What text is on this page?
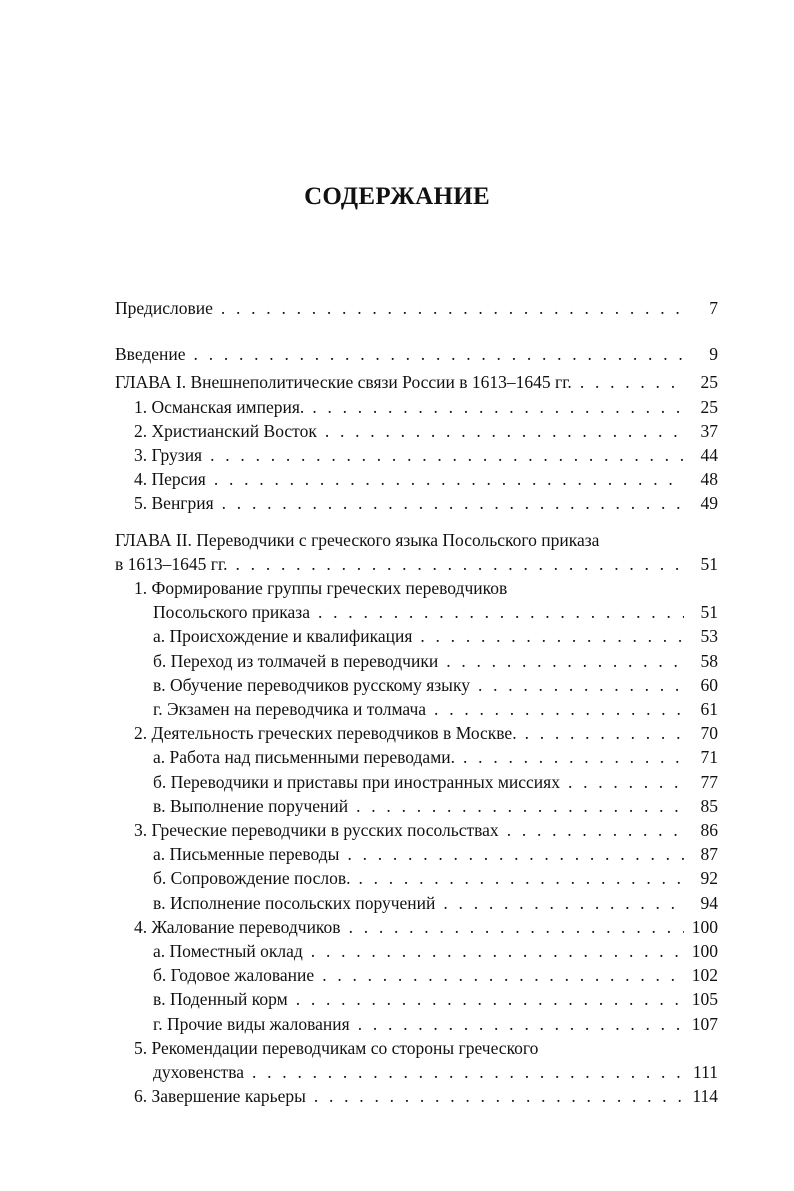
СОДЕРЖАНИЕ
Предисловие . . .	7
Введение . . .	9
ГЛАВА I. Внешнеполитические связи России в 1613–1645 гг. . . .	25
1. Османская империя. . . .	25
2. Христианский Восток . . .	37
3. Грузия . . .	44
4. Персия . . .	48
5. Венгрия . . .	49
ГЛАВА II. Переводчики с греческого языка Посольского приказа
в 1613–1645 гг. . . .	51
1. Формирование группы греческих переводчиков
Посольского приказа . . .	51
а. Происхождение и квалификация . . .	53
б. Переход из толмачей в переводчики . . .	58
в. Обучение переводчиков русскому языку . . .	60
г. Экзамен на переводчика и толмача . . .	61
2. Деятельность греческих переводчиков в Москве. . . .	70
а. Работа над письменными переводами. . . .	71
б. Переводчики и приставы при иностранных миссиях . . .	77
в. Выполнение поручений . . .	85
3. Греческие переводчики в русских посольствах . . .	86
а. Письменные переводы . . .	87
б. Сопровождение послов. . . .	92
в. Исполнение посольских поручений . . .	94
4. Жалование переводчиков . . .	100
а. Поместный оклад . . .	100
б. Годовое жалование . . .	102
в. Поденный корм . . .	105
г. Прочие виды жалования . . .	107
5. Рекомендации переводчикам со стороны греческого
духовенства . . .	111
6. Завершение карьеры . . .	114
